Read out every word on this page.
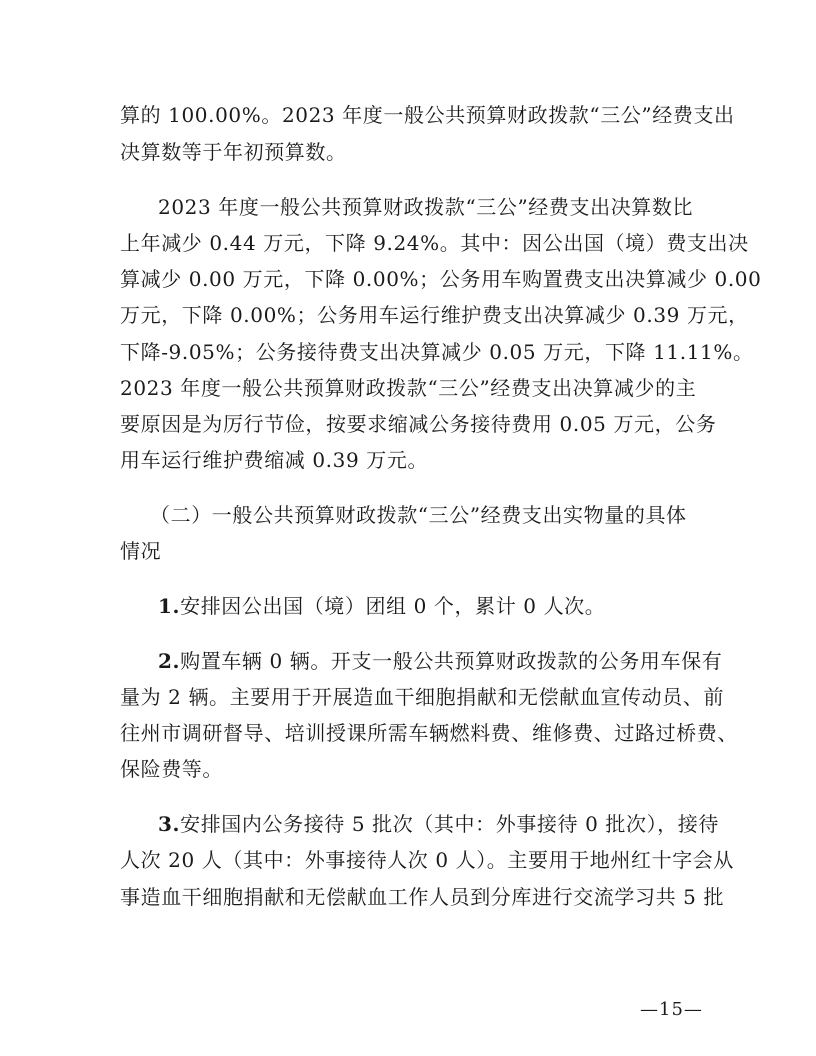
算的 100.00%。2023 年度一般公共预算财政拨款“三公”经费支出
决算数等于年初预算数。
2023 年度一般公共预算财政拨款“三公”经费支出决算数比
上年减少 0.44 万元，下降 9.24%。其中：因公出国（境）费支出决
算减少 0.00 万元，下降 0.00%；公务用车购置费支出决算减少 0.00
万元，下降 0.00%；公务用车运行维护费支出决算减少 0.39 万元，
下降-9.05%；公务接待费支出决算减少 0.05 万元，下降 11.11%。
2023 年度一般公共预算财政拨款“三公”经费支出决算减少的主
要原因是为厉行节俭，按要求缩减公务接待费用 0.05 万元，公务
用车运行维护费缩减 0.39 万元。
（二）一般公共预算财政拨款“三公”经费支出实物量的具体
情况
1.安排因公出国（境）团组 0 个，累计 0 人次。
2.购置车辆 0 辆。开支一般公共预算财政拨款的公务用车保有
量为 2 辆。主要用于开展造血干细胞捐献和无偿献血宣传动员、前
往州市调研督导、培训授课所需车辆燃料费、维修费、过路过桥费、
保险费等。
3.安排国内公务接待 5 批次（其中：外事接待 0 批次），接待
人次 20 人（其中：外事接待人次 0 人）。主要用于地州红十字会从
事造血干细胞捐献和无偿献血工作人员到分库进行交流学习共 5 批
—15—
